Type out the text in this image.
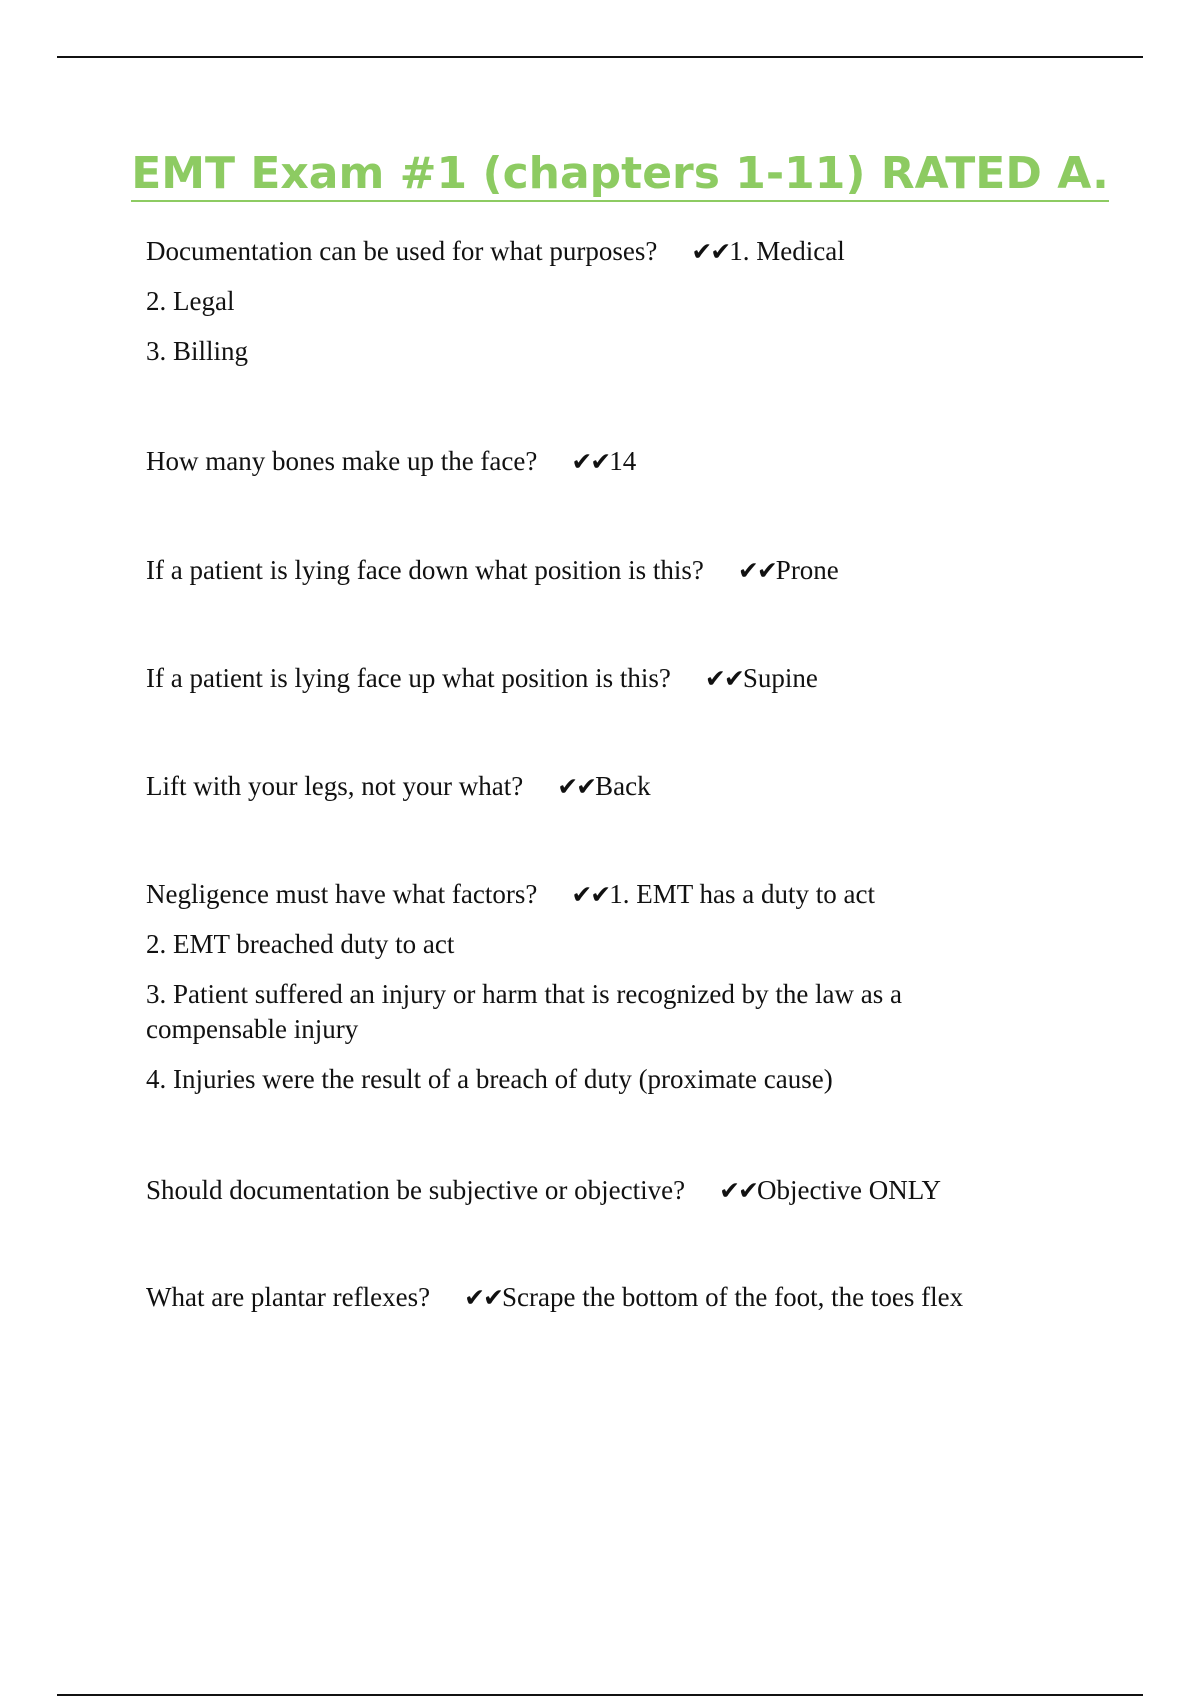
EMT Exam #1 (chapters 1-11) RATED A.
Documentation can be used for what purposes? ✔✔1. Medical
2. Legal
3. Billing
How many bones make up the face? ✔✔14
If a patient is lying face down what position is this? ✔✔Prone
If a patient is lying face up what position is this? ✔✔Supine
Lift with your legs, not your what? ✔✔Back
Negligence must have what factors? ✔✔1. EMT has a duty to act
2. EMT breached duty to act
3. Patient suffered an injury or harm that is recognized by the law as a compensable injury
4. Injuries were the result of a breach of duty (proximate cause)
Should documentation be subjective or objective? ✔✔Objective ONLY
What are plantar reflexes? ✔✔Scrape the bottom of the foot, the toes flex
